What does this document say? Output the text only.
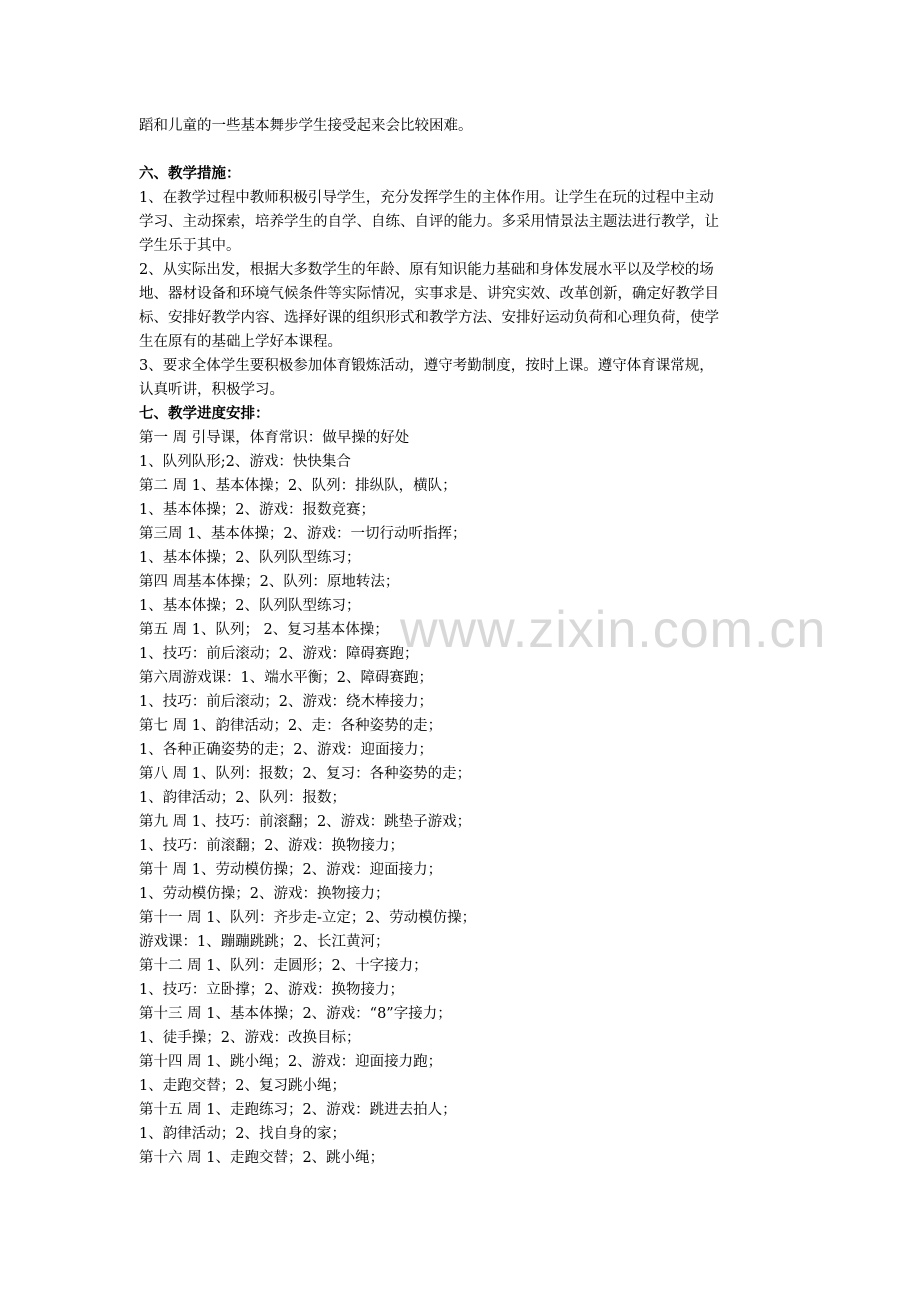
www.zixin.com.cn
蹈和儿童的一些基本舞步学生接受起来会比较困难。
六、教学措施：
1、在教学过程中教师积极引导学生，充分发挥学生的主体作用。让学生在玩的过程中主动
学习、主动探索，培养学生的自学、自练、自评的能力。多采用情景法主题法进行教学，让
学生乐于其中。
2、从实际出发，根据大多数学生的年龄、原有知识能力基础和身体发展水平以及学校的场
地、器材设备和环境气候条件等实际情况，实事求是、讲究实效、改革创新，确定好教学目
标、安排好教学内容、选择好课的组织形式和教学方法、安排好运动负荷和心理负荷，使学
生在原有的基础上学好本课程。
3、要求全体学生要积极参加体育锻炼活动，遵守考勤制度，按时上课。遵守体育课常规，
认真听讲，积极学习。
七、教学进度安排：
第一 周 引导课，体育常识：做早操的好处
1、队列队形;2、游戏：快快集合
第二 周 1、基本体操；2、队列：排纵队，横队；
1、基本体操；2、游戏：报数竞赛；
第三周 1、基本体操；2、游戏：一切行动听指挥；
1、基本体操；2、队列队型练习；
第四 周基本体操；2、队列：原地转法；
1、基本体操；2、队列队型练习；
第五 周 1、队列； 2、复习基本体操；
1、技巧：前后滚动；2、游戏：障碍赛跑；
第六周游戏课：1、端水平衡；2、障碍赛跑；
1、技巧：前后滚动；2、游戏：绕木棒接力；
第七 周 1、韵律活动；2、走：各种姿势的走；
1、各种正确姿势的走；2、游戏：迎面接力；
第八 周 1、队列：报数；2、复习：各种姿势的走；
1、韵律活动；2、队列：报数；
第九 周 1、技巧：前滚翻；2、游戏：跳垫子游戏；
1、技巧：前滚翻；2、游戏：换物接力；
第十 周 1、劳动模仿操；2、游戏：迎面接力；
1、劳动模仿操；2、游戏：换物接力；
第十一 周 1、队列：齐步走-立定；2、劳动模仿操；
游戏课：1、蹦蹦跳跳；2、长江黄河；
第十二 周 1、队列：走圆形；2、十字接力；
1、技巧：立卧撑；2、游戏：换物接力；
第十三 周 1、基本体操；2、游戏：“8”字接力；
1、徒手操；2、游戏：改换目标；
第十四 周 1、跳小绳；2、游戏：迎面接力跑；
1、走跑交替；2、复习跳小绳；
第十五 周 1、走跑练习；2、游戏：跳进去拍人；
1、韵律活动；2、找自身的家；
第十六 周 1、走跑交替；2、跳小绳；
